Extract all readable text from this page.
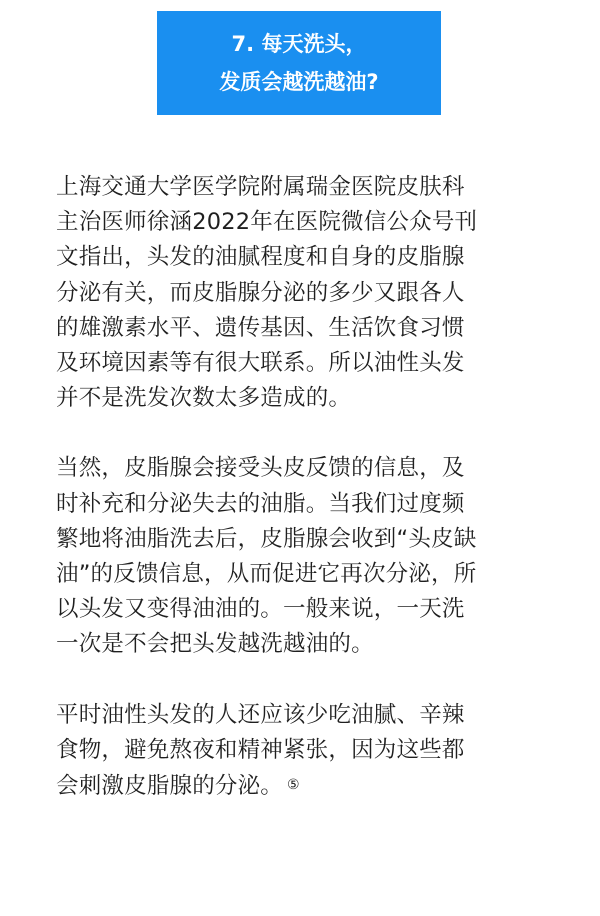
7. 每天洗头，
发质会越洗越油?

上海交通大学医学院附属瑞金医院皮肤科
主治医师徐涵2022年在医院微信公众号刊
文指出，头发的油腻程度和自身的皮脂腺
分泌有关，而皮脂腺分泌的多少又跟各人
的雄激素水平、遗传基因、生活饮食习惯
及环境因素等有很大联系。所以油性头发
并不是洗发次数太多造成的。

当然，皮脂腺会接受头皮反馈的信息，及
时补充和分泌失去的油脂。当我们过度频
繁地将油脂洗去后，皮脂腺会收到“头皮缺
油”的反馈信息，从而促进它再次分泌，所
以头发又变得油油的。一般来说，一天洗
一次是不会把头发越洗越油的。

平时油性头发的人还应该少吃油腻、辛辣
食物，避免熬夜和精神紧张，因为这些都
会刺激皮脂腺的分泌。 ⑤
